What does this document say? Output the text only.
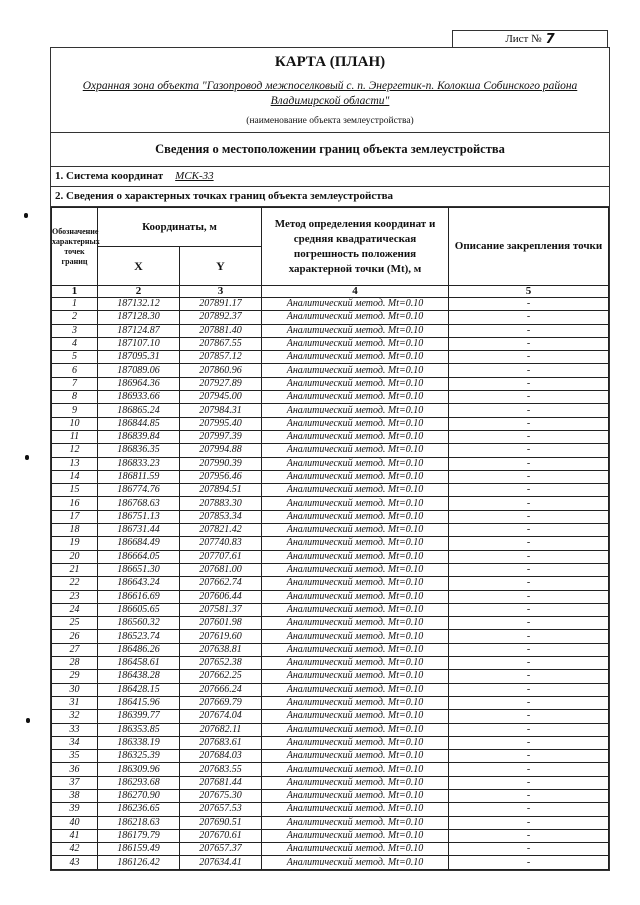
Лист № 7
КАРТА (ПЛАН)
Охранная зона объекта "Газопровод межпоселковый с. п. Энергетик-п. Колокша Собинского района
Владимирской области"
(наименование объекта землеустройства)
Сведения о местоположении границ объекта землеустройства
1. Система координат МСК-33
2. Сведения о характерных точках границ объекта землеустройства
Обозначение характерных точек границ	Координаты, м		Метод определения координат и средняя квадратическая погрешность положения характерной точки (Mt), м	Описание закрепления точки
	X	Y		
1	2	3	4	5
1	187132.12	207891.17	Аналитический метод. Mt=0.10	-
2	187128.30	207892.37	Аналитический метод. Mt=0.10	-
3	187124.87	207881.40	Аналитический метод. Mt=0.10	-
4	187107.10	207867.55	Аналитический метод. Mt=0.10	-
5	187095.31	207857.12	Аналитический метод. Mt=0.10	-
6	187089.06	207860.96	Аналитический метод. Mt=0.10	-
7	186964.36	207927.89	Аналитический метод. Mt=0.10	-
8	186933.66	207945.00	Аналитический метод. Mt=0.10	-
9	186865.24	207984.31	Аналитический метод. Mt=0.10	-
10	186844.85	207995.40	Аналитический метод. Mt=0.10	-
11	186839.84	207997.39	Аналитический метод. Mt=0.10	-
12	186836.35	207994.88	Аналитический метод. Mt=0.10	-
13	186833.23	207990.39	Аналитический метод. Mt=0.10	-
14	186811.59	207956.46	Аналитический метод. Mt=0.10	-
15	186774.76	207894.51	Аналитический метод. Mt=0.10	-
16	186768.63	207883.30	Аналитический метод. Mt=0.10	-
17	186751.13	207853.34	Аналитический метод. Mt=0.10	-
18	186731.44	207821.42	Аналитический метод. Mt=0.10	-
19	186684.49	207740.83	Аналитический метод. Mt=0.10	-
20	186664.05	207707.61	Аналитический метод. Mt=0.10	-
21	186651.30	207681.00	Аналитический метод. Mt=0.10	-
22	186643.24	207662.74	Аналитический метод. Mt=0.10	-
23	186616.69	207606.44	Аналитический метод. Mt=0.10	-
24	186605.65	207581.37	Аналитический метод. Mt=0.10	-
25	186560.32	207601.98	Аналитический метод. Mt=0.10	-
26	186523.74	207619.60	Аналитический метод. Mt=0.10	-
27	186486.26	207638.81	Аналитический метод. Mt=0.10	-
28	186458.61	207652.38	Аналитический метод. Mt=0.10	-
29	186438.28	207662.25	Аналитический метод. Mt=0.10	-
30	186428.15	207666.24	Аналитический метод. Mt=0.10	-
31	186415.96	207669.79	Аналитический метод. Mt=0.10	-
32	186399.77	207674.04	Аналитический метод. Mt=0.10	-
33	186353.85	207682.11	Аналитический метод. Mt=0.10	-
34	186338.19	207683.61	Аналитический метод. Mt=0.10	-
35	186325.39	207684.03	Аналитический метод. Mt=0.10	-
36	186309.96	207683.55	Аналитический метод. Mt=0.10	-
37	186293.68	207681.44	Аналитический метод. Mt=0.10	-
38	186270.90	207675.30	Аналитический метод. Mt=0.10	-
39	186236.65	207657.53	Аналитический метод. Mt=0.10	-
40	186218.63	207690.51	Аналитический метод. Mt=0.10	-
41	186179.79	207670.61	Аналитический метод. Mt=0.10	-
42	186159.49	207657.37	Аналитический метод. Mt=0.10	-
43	186126.42	207634.41	Аналитический метод. Mt=0.10	-
